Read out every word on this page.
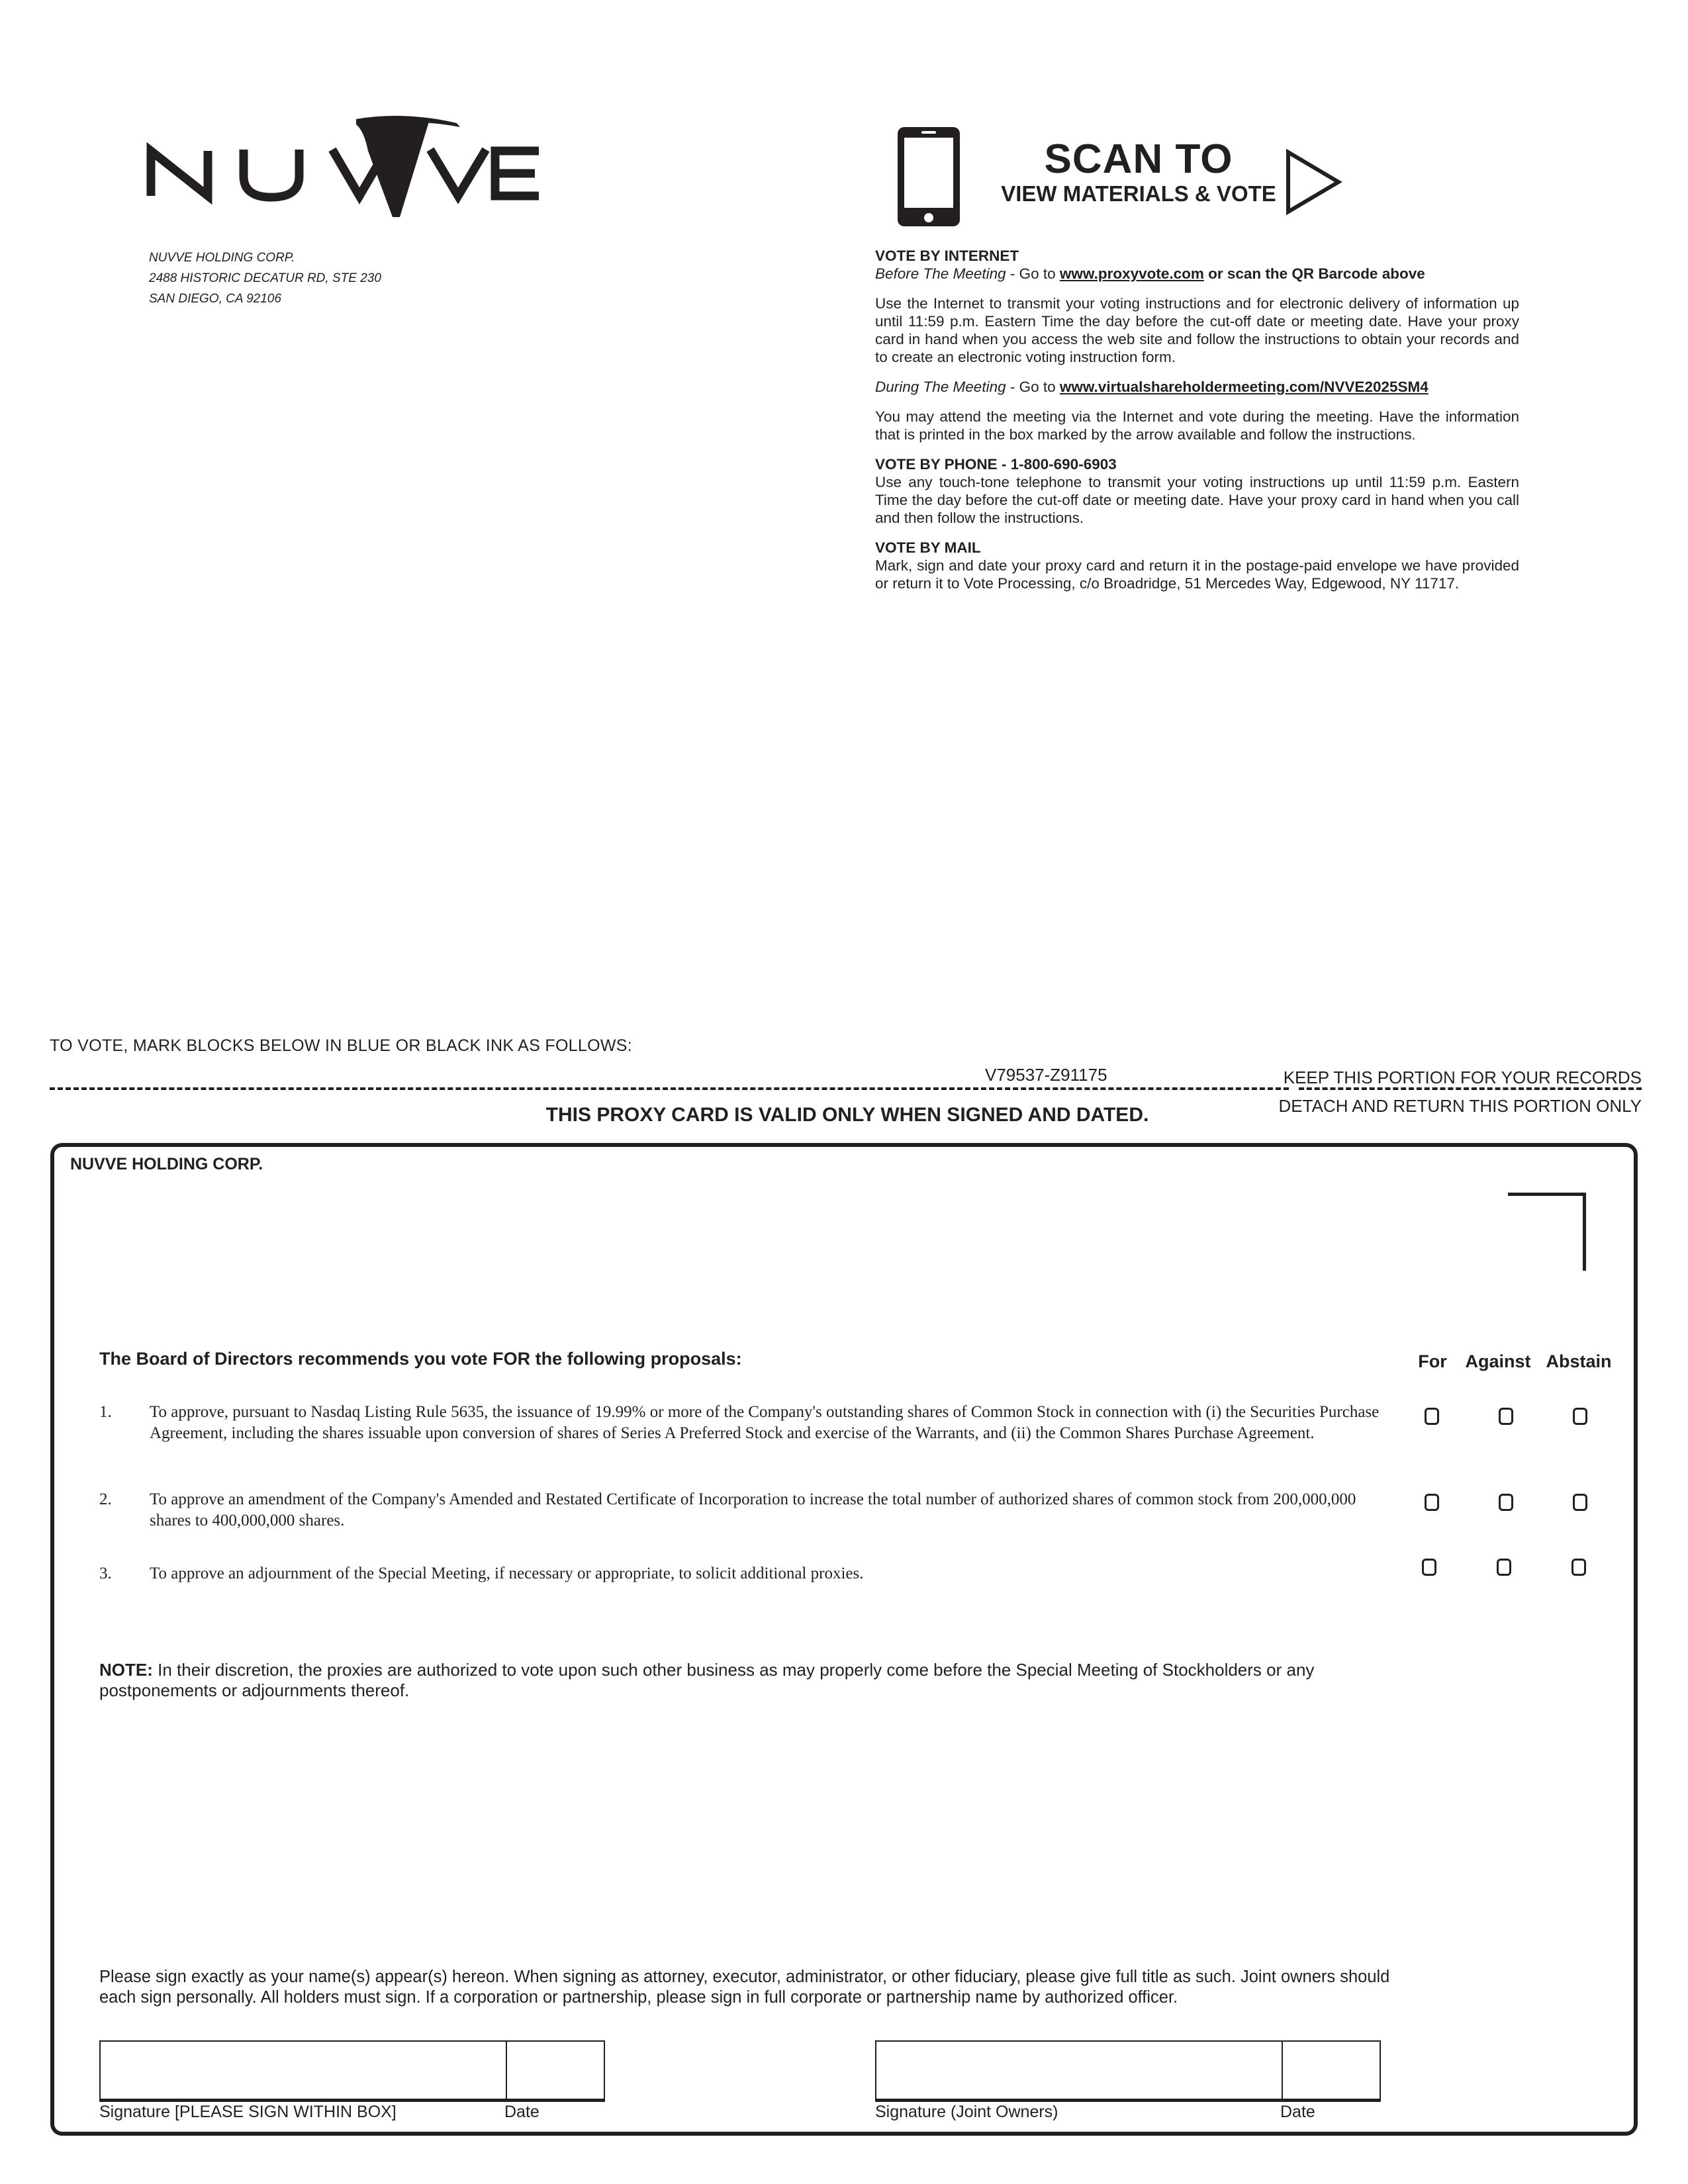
NUVVE HOLDING CORP.
2488 HISTORIC DECATUR RD, STE 230
SAN DIEGO, CA 92106
SCAN TO
VIEW MATERIALS & VOTE

VOTE BY INTERNET

Before The Meeting - Go to www.proxyvote.com or scan the QR Barcode above

Use the Internet to transmit your voting instructions and for electronic delivery of information up until 11:59 p.m. Eastern Time the day before the cut-off date or meeting date. Have your proxy card in hand when you access the web site and follow the instructions to obtain your records and to create an electronic voting instruction form.

During The Meeting - Go to www.virtualshareholdermeeting.com/NVVE2025SM4

You may attend the meeting via the Internet and vote during the meeting. Have the information that is printed in the box marked by the arrow available and follow the instructions.

VOTE BY PHONE - 1-800-690-6903

Use any touch-tone telephone to transmit your voting instructions up until 11:59 p.m. Eastern Time the day before the cut-off date or meeting date. Have your proxy card in hand when you call and then follow the instructions.

VOTE BY MAIL

Mark, sign and date your proxy card and return it in the postage-paid envelope we have provided or return it to Vote Processing, c/o Broadridge, 51 Mercedes Way, Edgewood, NY 11717.

TO VOTE, MARK BLOCKS BELOW IN BLUE OR BLACK INK AS FOLLOWS:
V79537-Z91175	KEEP THIS PORTION FOR YOUR RECORDS
DETACH AND RETURN THIS PORTION ONLY
THIS PROXY CARD IS VALID ONLY WHEN SIGNED AND DATED.
NUVVE HOLDING CORP.
The Board of Directors recommends you vote FOR the following proposals:	For	Against Abstain
1. To approve, pursuant to Nasdaq Listing Rule 5635, the issuance of 19.99% or more of the Company's outstanding shares of Common Stock in connection with (i) the Securities Purchase Agreement, including the shares issuable upon conversion of shares of Series A Preferred Stock and exercise of the Warrants, and (ii) the Common Shares Purchase Agreement.
2. To approve an amendment of the Company's Amended and Restated Certificate of Incorporation to increase the total number of authorized shares of common stock from 200,000,000 shares to 400,000,000 shares.
3. To approve an adjournment of the Special Meeting, if necessary or appropriate, to solicit additional proxies.
NOTE: In their discretion, the proxies are authorized to vote upon such other business as may properly come before the Special Meeting of Stockholders or any postponements or adjournments thereof.
Please sign exactly as your name(s) appear(s) hereon. When signing as attorney, executor, administrator, or other fiduciary, please give full title as such. Joint owners should each sign personally. All holders must sign. If a corporation or partnership, please sign in full corporate or partnership name by authorized officer.
Signature [PLEASE SIGN WITHIN BOX]	Date	Signature (Joint Owners)	Date
